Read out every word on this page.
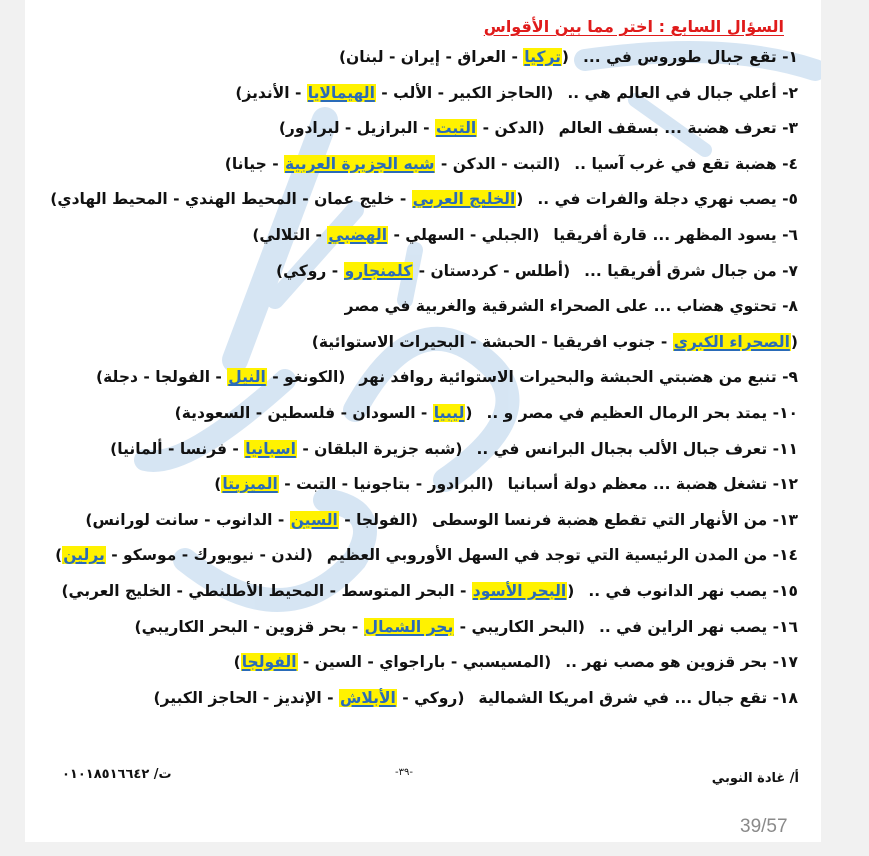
السؤال السابع : اختر مما بين الأقواس
١- تقع جبال طوروس في ...(تركيا - العراق - إيران - لبنان)
٢- أعلي جبال في العالم هي ..(الحاجز الكبير - الألب - الهيمالايا - الأنديز)
٣- تعرف هضبة ... بسقف العالم(الدكن - التبت - البرازيل - لبرادور)
٤- هضبة تقع في غرب آسيا ..(التبت - الدكن - شبه الجزيرة العربية - جيانا)
٥- يصب نهري دجلة والفرات في ..(الخليج العربي - خليج عمان - المحيط الهندي - المحيط الهادي)
٦- يسود المظهر ... قارة أفريقيا(الجبلي - السهلي - الهضبي - التلالي)
٧- من جبال شرق أفريقيا ...(أطلس - كردستان - كلمنجارو - روكي)
٨- تحتوي هضاب ... على الصحراء الشرقية والغربية في مصر
(الصحراء الكبرى - جنوب افريقيا - الحبشة - البحيرات الاستوائية)
٩- تنبع من هضبتي الحبشة والبحيرات الاستوائية روافد نهر(الكونغو - النيل - الفولجا - دجلة)
١٠- يمتد بحر الرمال العظيم في مصر و ..(ليبيا - السودان - فلسطين - السعودية)
١١- تعرف جبال الألب بجبال البرانس في ..(شبه جزيرة البلقان - اسبانيا - فرنسا - ألمانيا)
١٢- تشغل هضبة ... معظم دولة أسبانيا(البرادور - بتاجونيا - التبت - الميزيتا)
١٣- من الأنهار التي تقطع هضبة فرنسا الوسطى(الفولجا - السين - الدانوب - سانت لورانس)
١٤- من المدن الرئيسية التي توجد في السهل الأوروبي العظيم(لندن - نيويورك - موسكو - برلين)
١٥- يصب نهر الدانوب في ..(البحر الأسود - البحر المتوسط - المحيط الأطلنطي - الخليج العربي)
١٦- يصب نهر الراين في ..(البحر الكاريبي - بحر الشمال - بحر قزوين - البحر الكاريبي)
١٧- بحر قزوين هو مصب نهر ..(المسيسبي - باراجواي - السين - الفولجا)
١٨- تقع جبال ... في شرق امريكا الشمالية(روكي - الأبلاش - الإنديز - الحاجز الكبير)
أ/ غادة النوبي
-٣٩-
ت/ ٠١٠١٨٥١٦٦٤٢
39/57
